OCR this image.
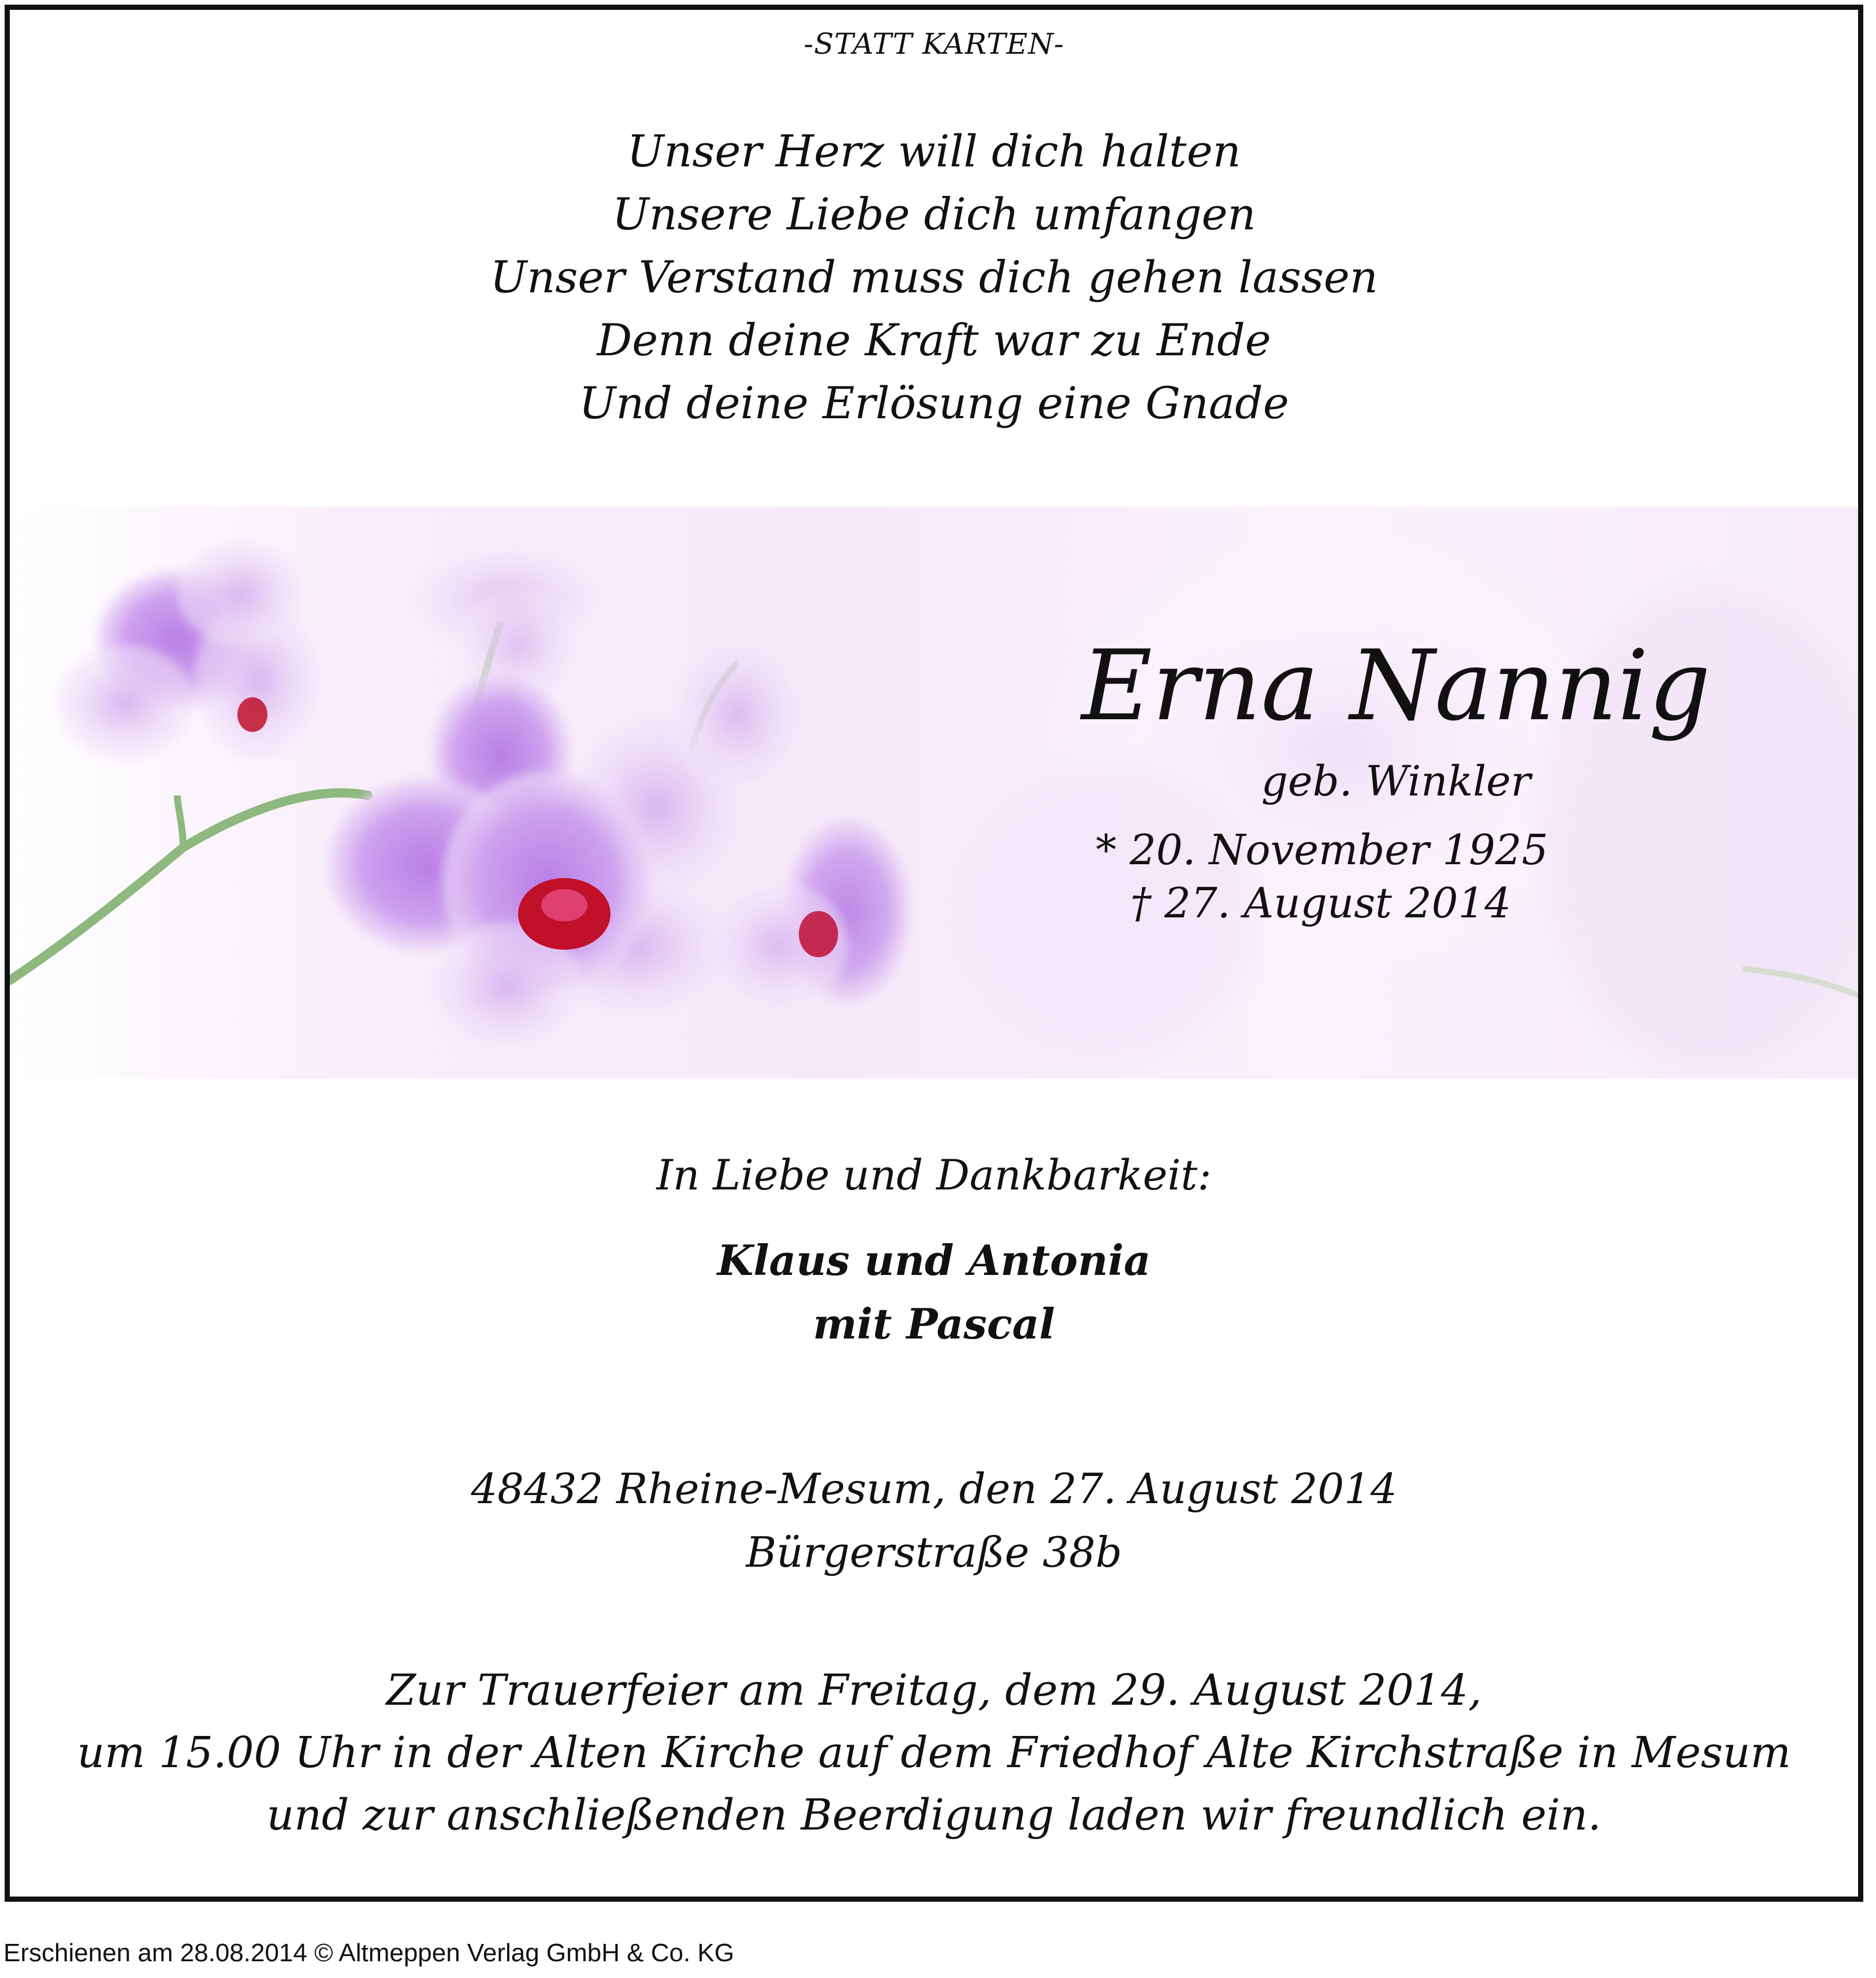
-STATT KARTEN-
Unser Herz will dich halten
Unsere Liebe dich umfangen
Unser Verstand muss dich gehen lassen
Denn deine Kraft war zu Ende
Und deine Erlösung eine Gnade
Erna Nannig
geb. Winkler
* 20. November 1925
† 27. August 2014
In Liebe und Dankbarkeit:
Klaus und Antonia
mit Pascal
48432 Rheine-Mesum, den 27. August 2014
Bürgerstraße 38b
Zur Trauerfeier am Freitag, dem 29. August 2014,
um 15.00 Uhr in der Alten Kirche auf dem Friedhof Alte Kirchstraße in Mesum
und zur anschließenden Beerdigung laden wir freundlich ein.
Erschienen am 28.08.2014 © Altmeppen Verlag GmbH & Co. KG
